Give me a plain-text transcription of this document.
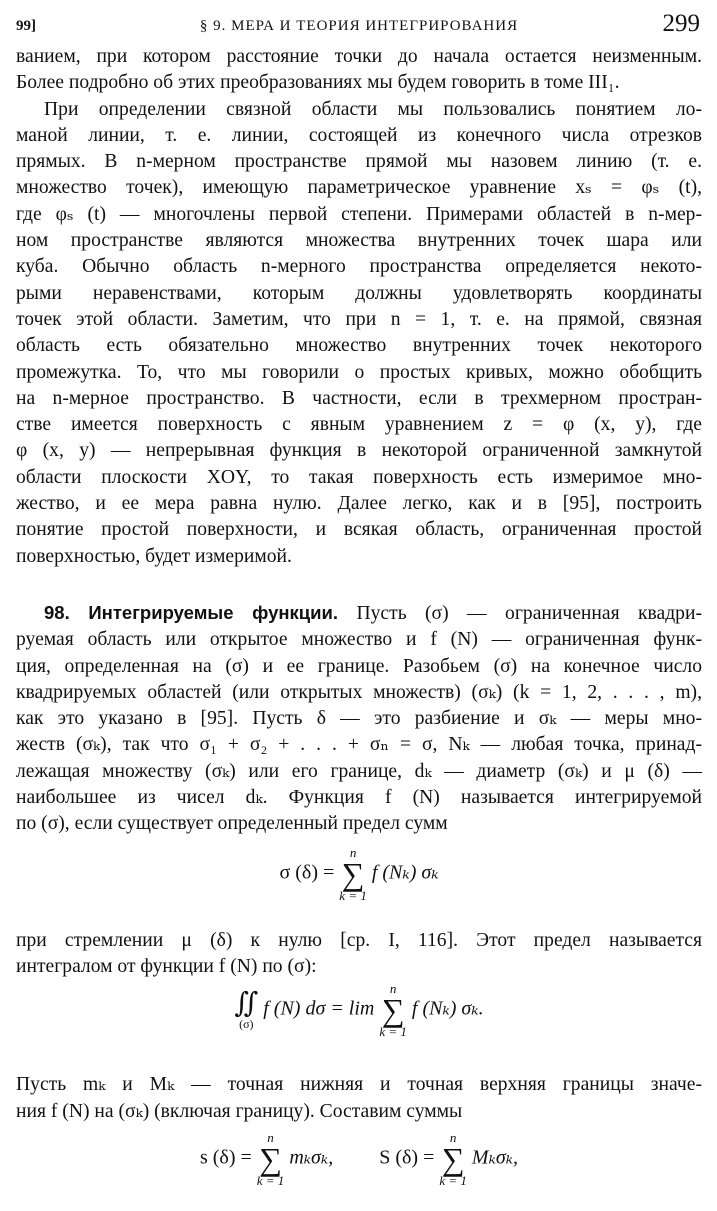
99]	§ 9. МЕРА И ТЕОРИЯ ИНТЕГРИРОВАНИЯ	299
ванием, при котором расстояние точки до начала остается неизменным.
Более подробно об этих преобразованиях мы будем говорить в томе III₁.
При определении связной области мы пользовались понятием ло-
маной линии, т. е. линии, состоящей из конечного числа отрезков
прямых. В n-мерном пространстве прямой мы назовем линию (т. е.
множество точек), имеющую параметрическое уравнение xₛ = φₛ (t),
где φₛ (t) — многочлены первой степени. Примерами областей в n-мер-
ном пространстве являются множества внутренних точек шара или
куба. Обычно область n-мерного пространства определяется некото-
рыми неравенствами, которым должны удовлетворять координаты
точек этой области. Заметим, что при n = 1, т. е. на прямой, связная
область есть обязательно множество внутренних точек некоторого
промежутка. То, что мы говорили о простых кривых, можно обобщить
на n-мерное пространство. В частности, если в трехмерном простран-
стве имеется поверхность с явным уравнением z = φ (x, y), где
φ (x, y) — непрерывная функция в некоторой ограниченной замкнутой
области плоскости XOY, то такая поверхность есть измеримое мно-
жество, и ее мера равна нулю. Далее легко, как и в [95], построить
понятие простой поверхности, и всякая область, ограниченная простой
поверхностью, будет измеримой.
98. Интегрируемые функции. Пусть (σ) — ограниченная квадри-
руемая область или открытое множество и f (N) — ограниченная функ-
ция, определенная на (σ) и ее границе. Разобьем (σ) на конечное число
квадрируемых областей (или открытых множеств) (σₖ) (k = 1, 2, . . . , m),
как это указано в [95]. Пусть δ — это разбиение и σₖ — меры мно-
жеств (σₖ), так что σ₁ + σ₂ + . . . + σₙ = σ, Nₖ — любая точка, принад-
лежащая множеству (σₖ) или его границе, dₖ — диаметр (σₖ) и μ (δ) —
наибольшее из чисел dₖ. Функция f (N) называется интегрируемой
по (σ), если существует определенный предел сумм
σ (δ) =
n
∑
k = 1
f (Nₖ) σₖ
при стремлении μ (δ) к нулю [ср. I, 116]. Этот предел называется
интегралом от функции f (N) по (σ):
∬
(σ)
f (N) dσ = lim
n
∑
k = 1
f (Nₖ) σₖ.
Пусть mₖ и Mₖ — точная нижняя и точная верхняя границы значе-
ния f (N) на (σₖ) (включая границу). Составим суммы
s (δ) =
n
∑
k = 1
mₖσₖ, S (δ) =
n
∑
k = 1
Mₖσₖ,
